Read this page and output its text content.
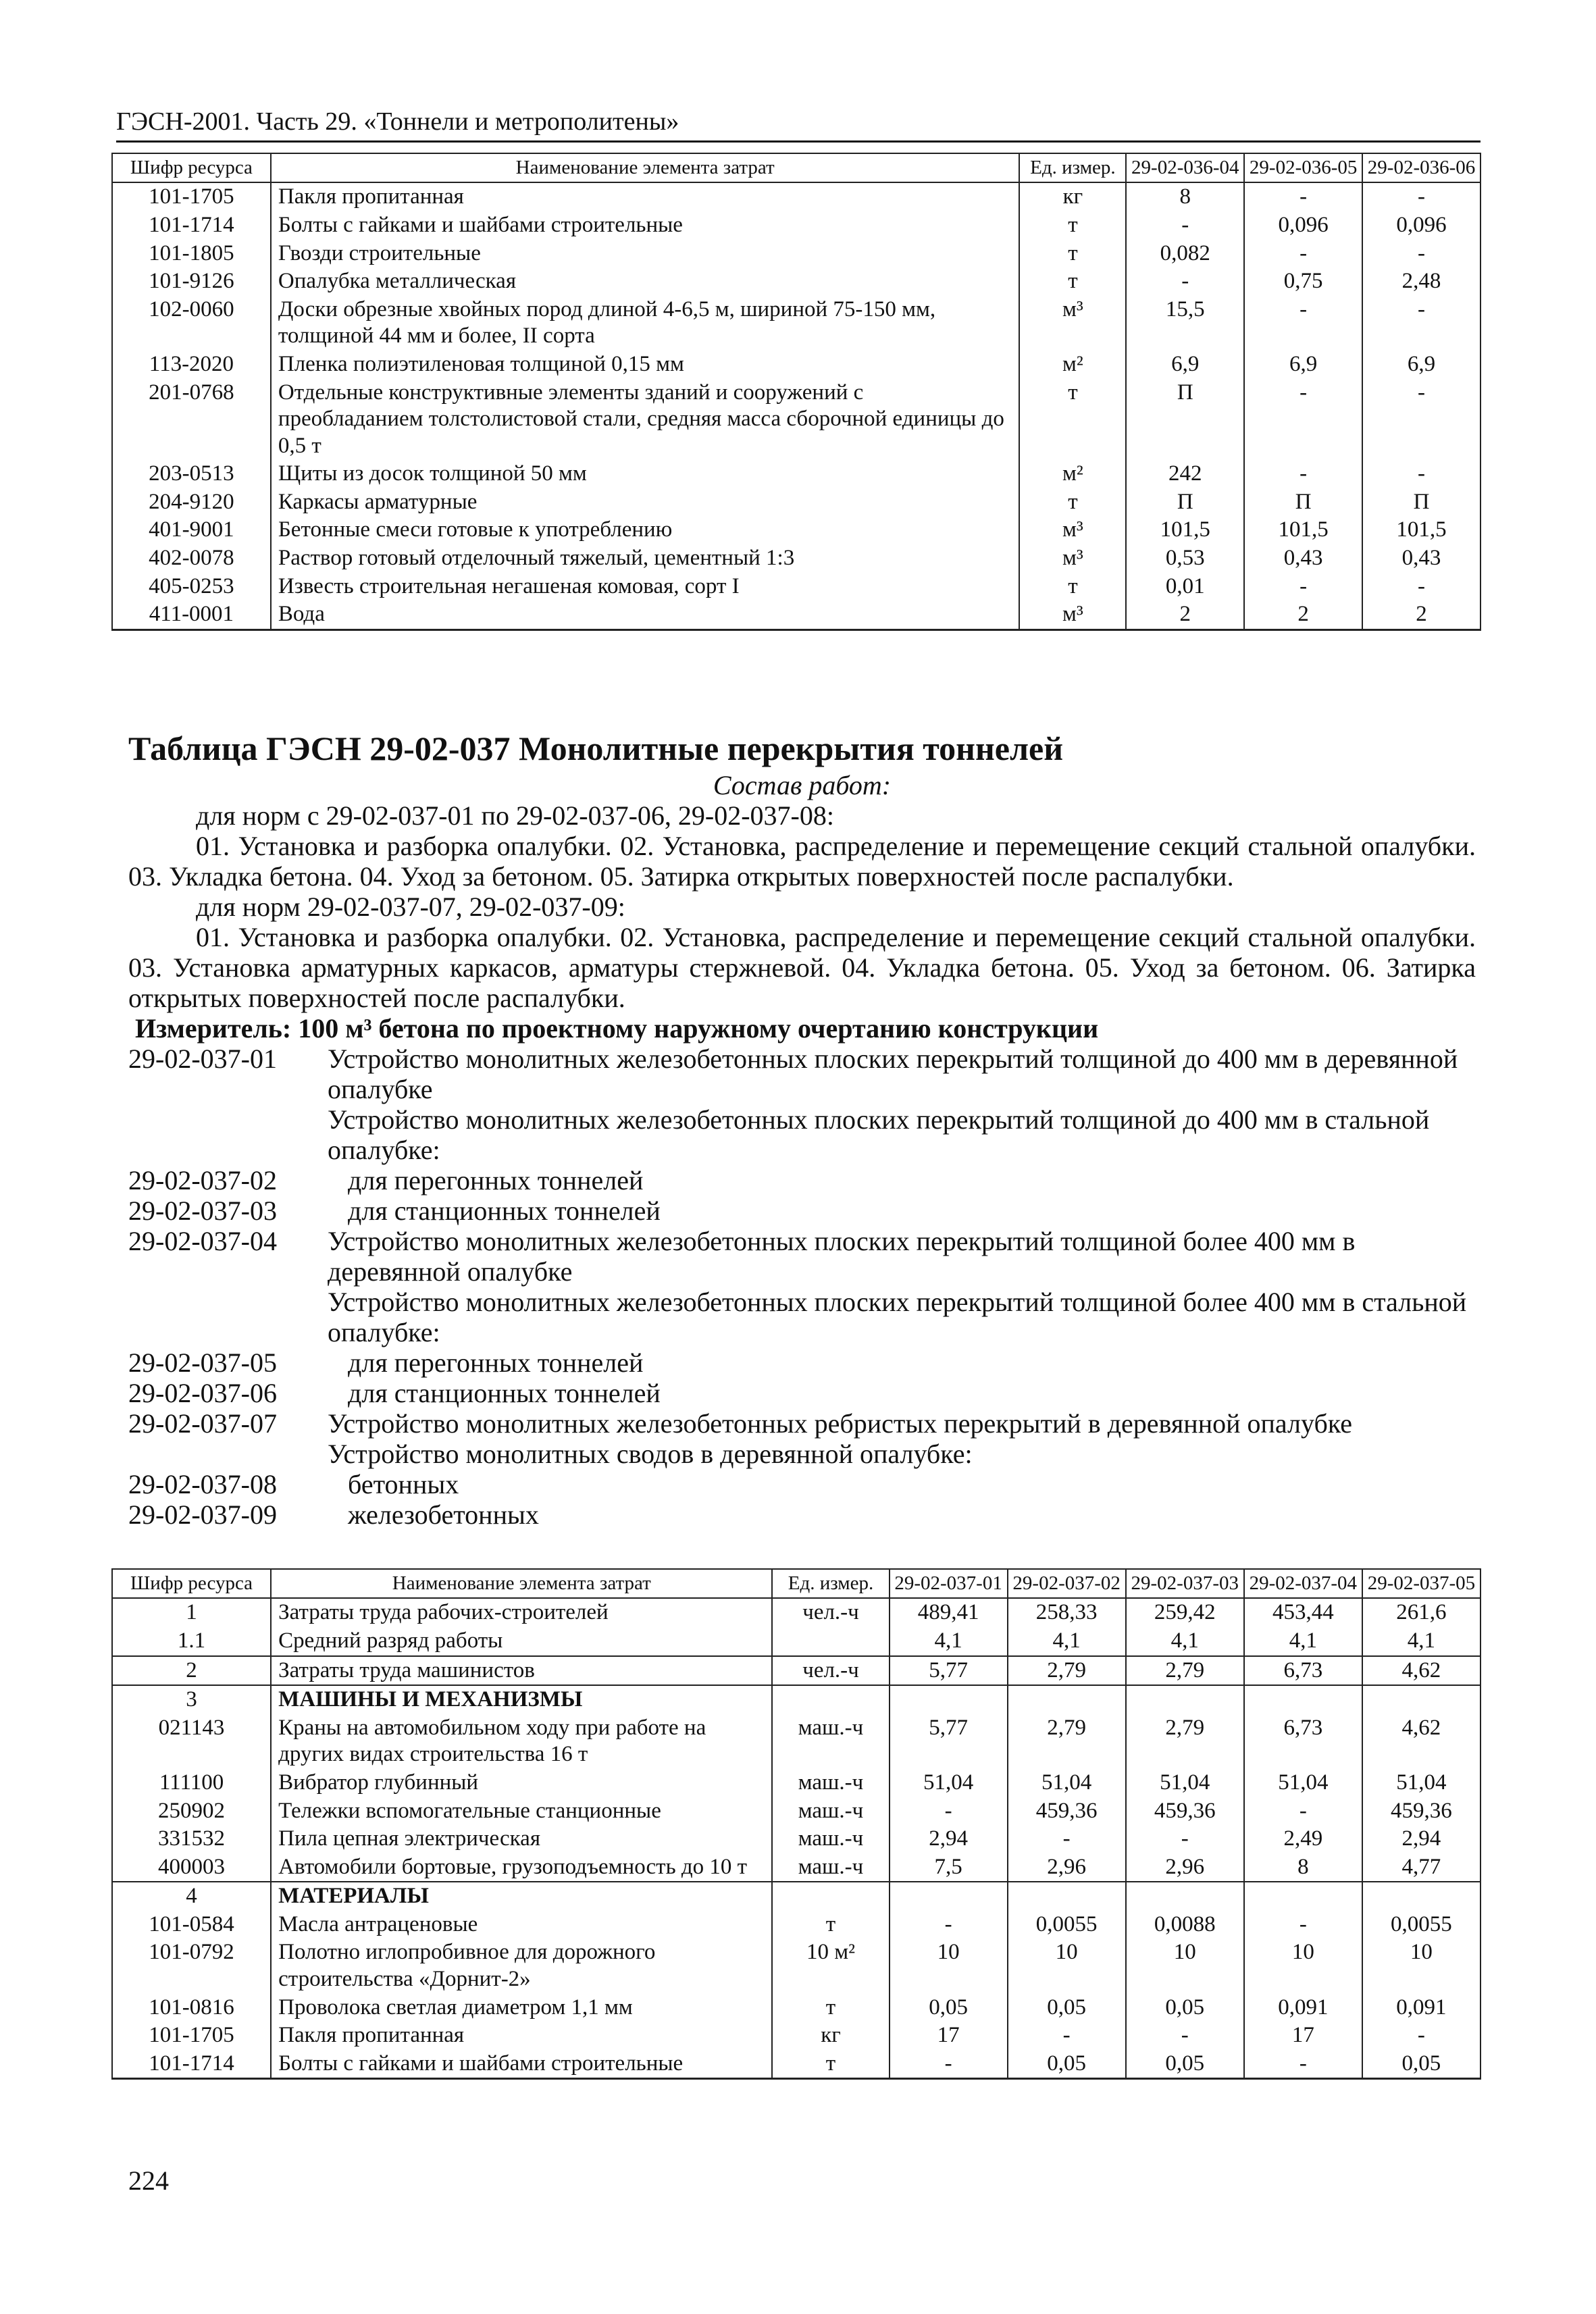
ГЭСН-2001. Часть 29. «Тоннели и метрополитены»
Шифр ресурса	Наименование элемента затрат	Ед. измер.	29-02-036-04	29-02-036-05	29-02-036-06
101-1705	Пакля пропитанная	кг	8	-	-
101-1714	Болты с гайками и шайбами строительные	т	-	0,096	0,096
101-1805	Гвозди строительные	т	0,082	-	-
101-9126	Опалубка металлическая	т	-	0,75	2,48
102-0060	Доски обрезные хвойных пород длиной 4-6,5 м, шириной 75-150 мм, толщиной 44 мм и более, II сорта	м³	15,5	-	-
113-2020	Пленка полиэтиленовая толщиной 0,15 мм	м²	6,9	6,9	6,9
201-0768	Отдельные конструктивные элементы зданий и сооружений с преобладанием толстолистовой стали, средняя масса сборочной единицы до 0,5 т	т	П	-	-
203-0513	Щиты из досок толщиной 50 мм	м²	242	-	-
204-9120	Каркасы арматурные	т	П	П	П
401-9001	Бетонные смеси готовые к употреблению	м³	101,5	101,5	101,5
402-0078	Раствор готовый отделочный тяжелый, цементный 1:3	м³	0,53	0,43	0,43
405-0253	Известь строительная негашеная комовая, сорт I	т	0,01	-	-
411-0001	Вода	м³	2	2	2
Таблица ГЭСН 29-02-037 Монолитные перекрытия тоннелей
Состав работ:
для норм с 29-02-037-01 по 29-02-037-06, 29-02-037-08:
01. Установка и разборка опалубки. 02. Установка, распределение и перемещение секций стальной опалубки. 03. Укладка бетона. 04. Уход за бетоном. 05. Затирка открытых поверхностей после распалубки.
для норм 29-02-037-07, 29-02-037-09:
01. Установка и разборка опалубки. 02. Установка, распределение и перемещение секций стальной опалубки. 03. Установка арматурных каркасов, арматуры стержневой. 04. Укладка бетона. 05. Уход за бетоном. 06. Затирка открытых поверхностей после распалубки.
Измеритель: 100 м³ бетона по проектному наружному очертанию конструкции
29-02-037-01	Устройство монолитных железобетонных плоских перекрытий толщиной до 400 мм в деревянной опалубке
Устройство монолитных железобетонных плоских перекрытий толщиной до 400 мм в стальной опалубке:
29-02-037-02	для перегонных тоннелей
29-02-037-03	для станционных тоннелей
29-02-037-04	Устройство монолитных железобетонных плоских перекрытий толщиной более 400 мм в деревянной опалубке
Устройство монолитных железобетонных плоских перекрытий толщиной более 400 мм в стальной опалубке:
29-02-037-05	для перегонных тоннелей
29-02-037-06	для станционных тоннелей
29-02-037-07	Устройство монолитных железобетонных ребристых перекрытий в деревянной опалубке
Устройство монолитных сводов в деревянной опалубке:
29-02-037-08	бетонных
29-02-037-09	железобетонных
Шифр ресурса	Наименование элемента затрат	Ед. измер.	29-02-037-01	29-02-037-02	29-02-037-03	29-02-037-04	29-02-037-05
1	Затраты труда рабочих-строителей	чел.-ч	489,41	258,33	259,42	453,44	261,6
1.1	Средний разряд работы		4,1	4,1	4,1	4,1	4,1
2	Затраты труда машинистов	чел.-ч	5,77	2,79	2,79	6,73	4,62
3	МАШИНЫ И МЕХАНИЗМЫ						
021143	Краны на автомобильном ходу при работе на других видах строительства 16 т	маш.-ч	5,77	2,79	2,79	6,73	4,62
111100	Вибратор глубинный	маш.-ч	51,04	51,04	51,04	51,04	51,04
250902	Тележки вспомогательные станционные	маш.-ч	-	459,36	459,36	-	459,36
331532	Пила цепная электрическая	маш.-ч	2,94	-	-	2,49	2,94
400003	Автомобили бортовые, грузоподъемность до 10 т	маш.-ч	7,5	2,96	2,96	8	4,77
4	МАТЕРИАЛЫ						
101-0584	Масла антраценовые	т	-	0,0055	0,0088	-	0,0055
101-0792	Полотно иглопробивное для дорожного строительства «Дорнит-2»	10 м²	10	10	10	10	10
101-0816	Проволока светлая диаметром 1,1 мм	т	0,05	0,05	0,05	0,091	0,091
101-1705	Пакля пропитанная	кг	17	-	-	17	-
101-1714	Болты с гайками и шайбами строительные	т	-	0,05	0,05	-	0,05
224
